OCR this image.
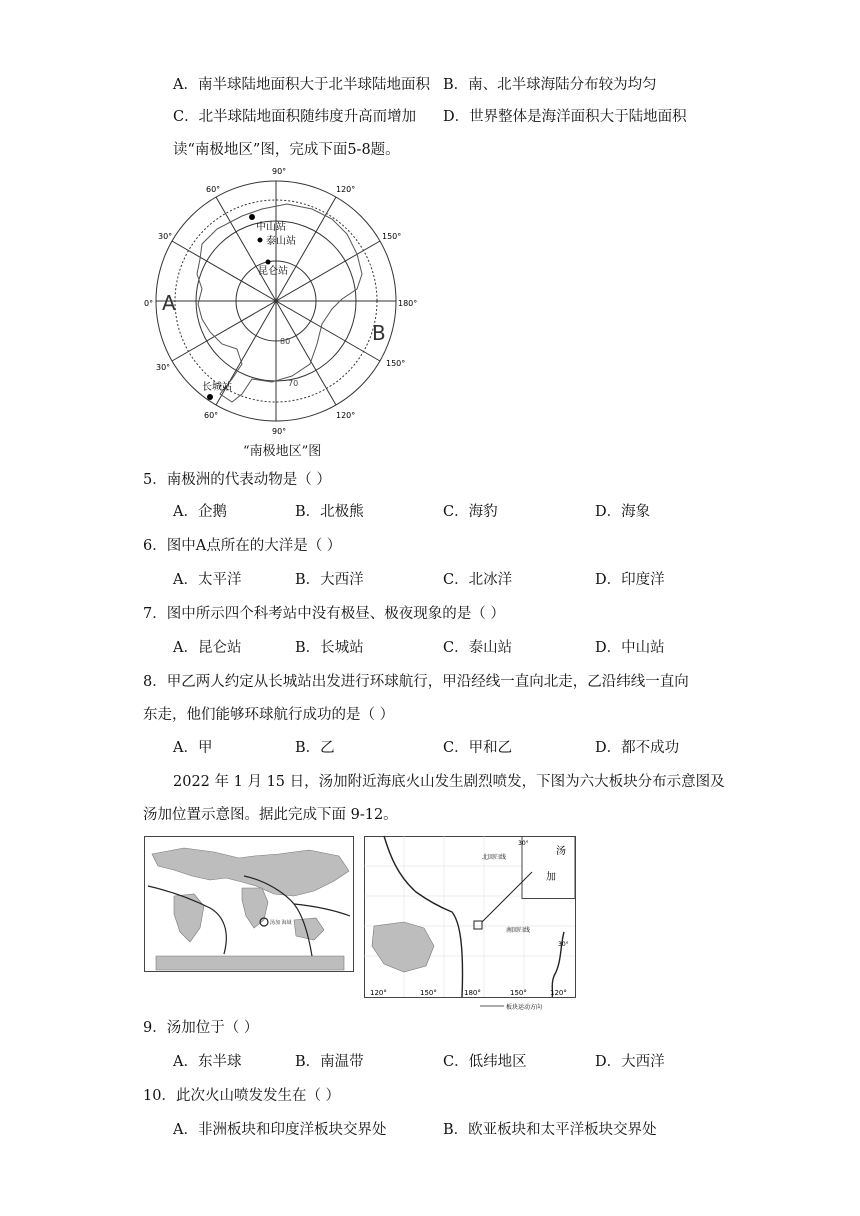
A．南半球陆地面积大于北半球陆地面积 B．南、北半球海陆分布较为均匀
C．北半球陆地面积随纬度升高而增加 D．世界整体是海洋面积大于陆地面积
读“南极地区”图，完成下面5-8题。
90°
60°	120°
30°	150°
0°	180°
30°	150°
60°	120°
90°
80
70
A
B
中山站
泰山站
昆仑站
长城站
“南极地区”图
5．南极洲的代表动物是（ ）
A．企鹅	B．北极熊	C．海豹	D．海象
6．图中A点所在的大洋是（ ）
A．太平洋	B．大西洋	C．北冰洋	D．印度洋
7．图中所示四个科考站中没有极昼、极夜现象的是（ ）
A．昆仑站	B．长城站	C．泰山站	D．中山站
8．甲乙两人约定从长城站出发进行环球航行，甲沿经线一直向北走，乙沿纬线一直向
东走，他们能够环球航行成功的是（ ）
A．甲	B．乙	C．甲和乙	D．都不成功
2022 年 1 月 15 日，汤加附近海底火山发生剧烈喷发，下图为六大板块分布示意图及
汤加位置示意图。据此完成下面 9-12。
汤加 海域
30°
北回归线
南回归线
汤
加
30°
120°	150°	180°	150°	120°
板块运动方向
9．汤加位于（ ）
A．东半球	B．南温带	C．低纬地区	D．大西洋
10．此次火山喷发发生在（ ）
A．非洲板块和印度洋板块交界处	B．欧亚板块和太平洋板块交界处
